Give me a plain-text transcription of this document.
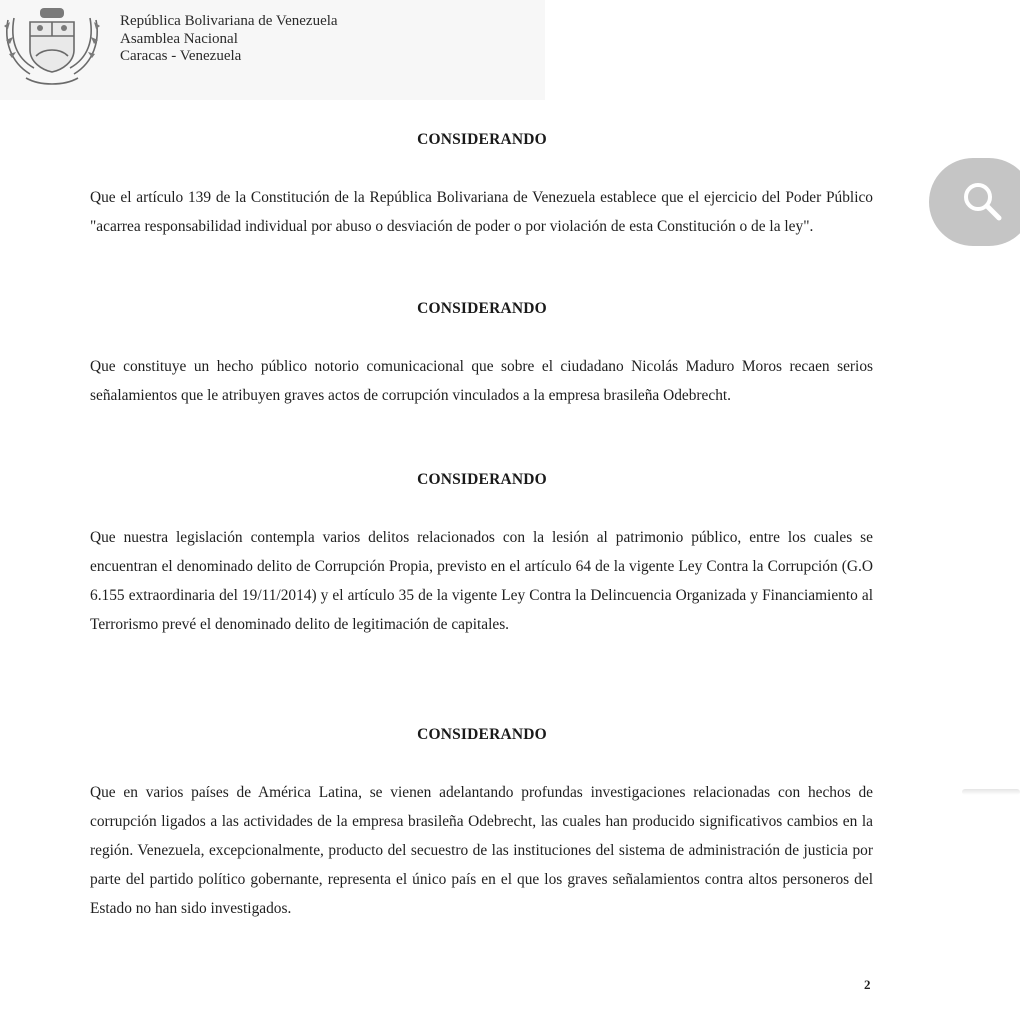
República Bolivariana de Venezuela
Asamblea Nacional
Caracas - Venezuela
CONSIDERANDO
Que el artículo 139 de la Constitución de la República Bolivariana de Venezuela establece que el ejercicio del Poder Público "acarrea responsabilidad individual por abuso o desviación de poder o por violación de esta Constitución o de la ley".
CONSIDERANDO
Que constituye un hecho público notorio comunicacional que sobre el ciudadano Nicolás Maduro Moros recaen serios señalamientos que le atribuyen graves actos de corrupción vinculados a la empresa brasileña Odebrecht.
CONSIDERANDO
Que nuestra legislación contempla varios delitos relacionados con la lesión al patrimonio público, entre los cuales se encuentran el denominado delito de Corrupción Propia, previsto en el artículo 64 de la vigente Ley Contra la Corrupción (G.O 6.155 extraordinaria del 19/11/2014) y el artículo 35 de la vigente Ley Contra la Delincuencia Organizada y Financiamiento al Terrorismo prevé el denominado delito de legitimación de capitales.
CONSIDERANDO
Que en varios países de América Latina, se vienen adelantando profundas investigaciones relacionadas con hechos de corrupción ligados a las actividades de la empresa brasileña Odebrecht, las cuales han producido significativos cambios en la región. Venezuela, excepcionalmente, producto del secuestro de las instituciones del sistema de administración de justicia por parte del partido político gobernante, representa el único país en el que los graves señalamientos contra altos personeros del Estado no han sido investigados.
2
